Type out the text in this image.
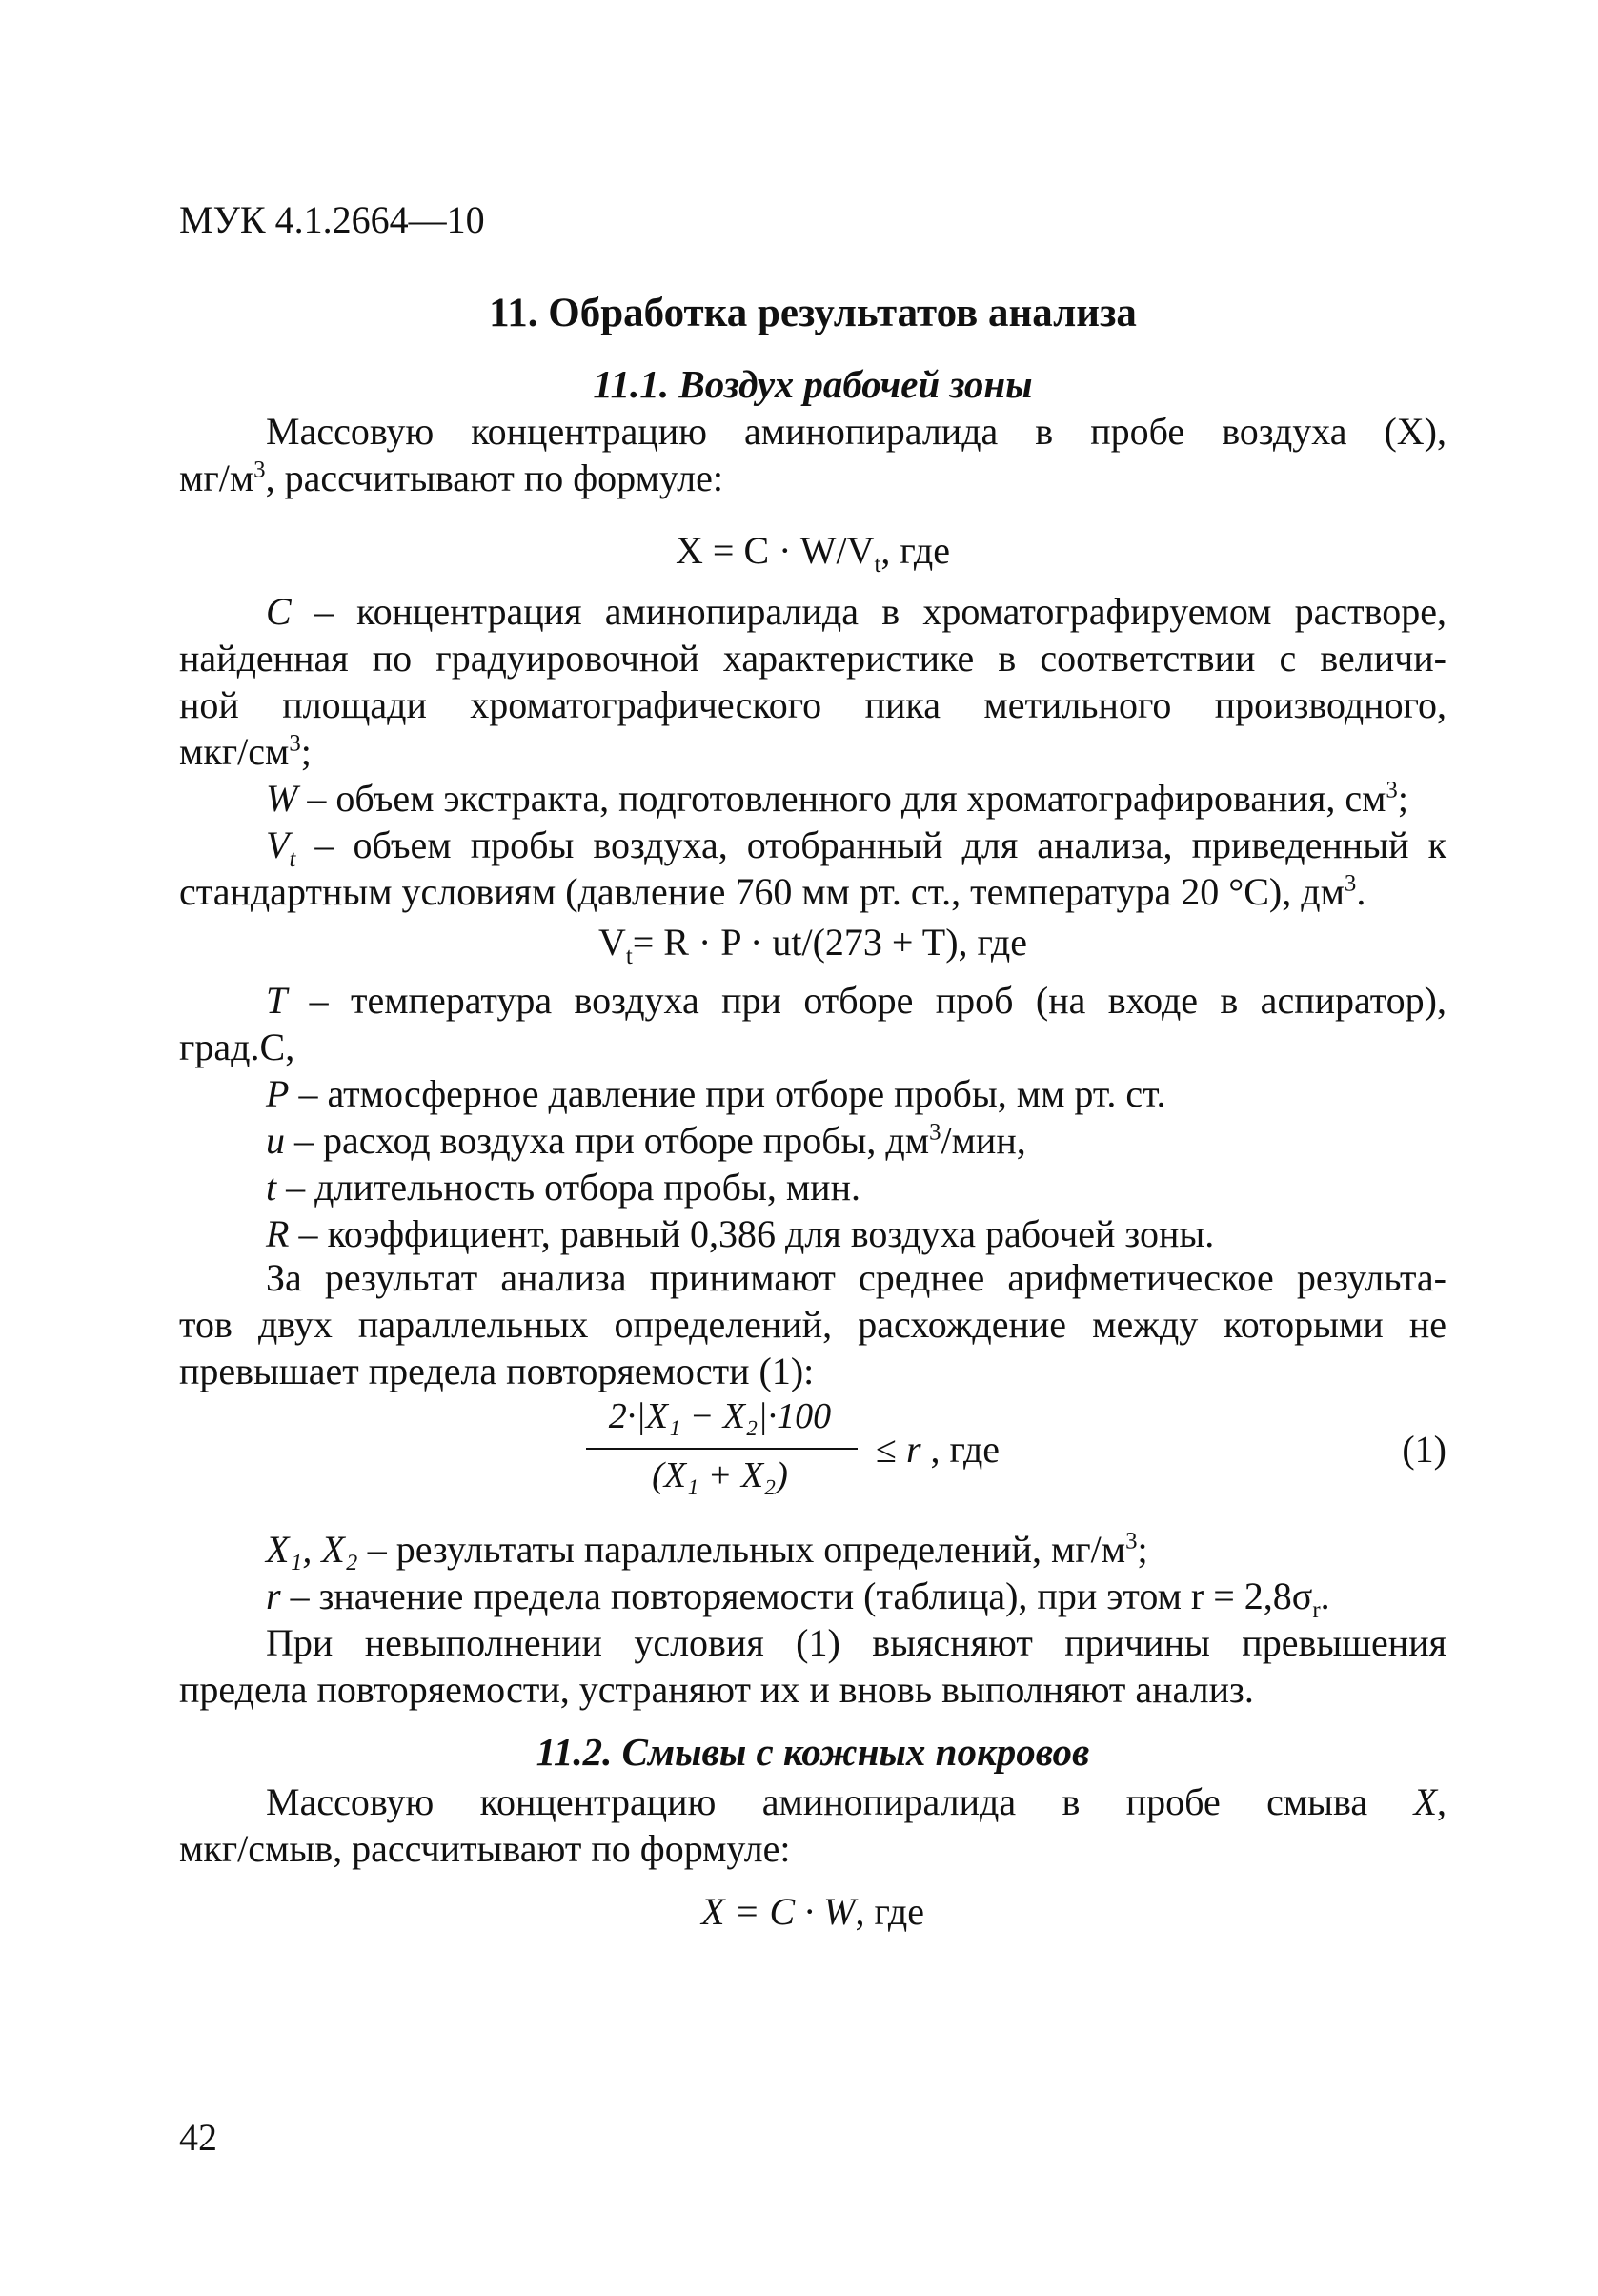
МУК 4.1.2664—10
11. Обработка результатов анализа
11.1. Воздух рабочей зоны
Массовую концентрацию аминопиралида в пробе воздуха (X),
$мг/м^3$, рассчитывают по формуле:
$X = C \cdot W/V_t$, где
С – концентрация аминопиралида в хроматографируемом растворе,
найденная по градуировочной характеристике в соответствии с величи-
ной площади хроматографического пика метильного производного,
мкг/$см^3$;
W – объем экстракта, подготовленного для хроматографирования, $см^3$;
$V_t$ – объем пробы воздуха, отобранный для анализа, приведенный к
стандартным условиям (давление 760 мм рт. ст., температура 20 °С), $дм^3$.
$V_t= R \cdot P \cdot ut/(273 + T)$, где
Т – температура воздуха при отборе проб (на входе в аспиратор),
град.С,
Р – атмосферное давление при отборе пробы, мм рт. ст.
u – расход воздуха при отборе пробы, $дм^3$/мин,
t – длительность отбора пробы, мин.
R – коэффициент, равный 0,386 для воздуха рабочей зоны.
За результат анализа принимают среднее арифметическое результа-
тов двух параллельных определений, расхождение между которыми не
превышает предела повторяемости (1):
2·|X₁ − X₂|·100
(X₁ + X₂)
≤ r , где	(1)
X₁, X₂ – результаты параллельных определений, $мг/м^3$;
r – значение предела повторяемости (таблица), при этом $r = 2,8\sigma_r$.
При невыполнении условия (1) выясняют причины превышения
предела повторяемости, устраняют их и вновь выполняют анализ.
11.2. Смывы с кожных покровов
Массовую концентрацию аминопиралида в пробе смыва X,
мкг/смыв, рассчитывают по формуле:
X = C · W, где
42
